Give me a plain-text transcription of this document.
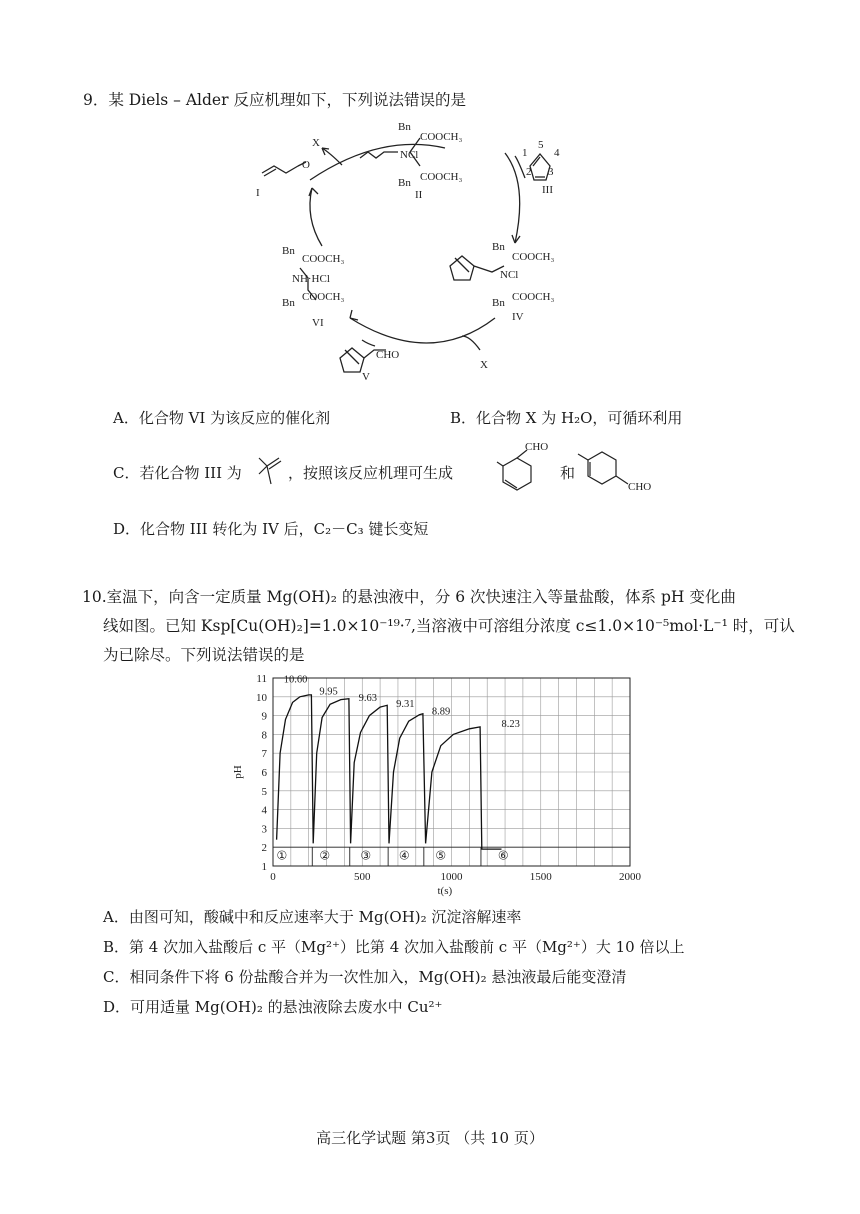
9．某 Diels – Alder 反应机理如下，下列说法错误的是
I
O
X
Bn
COOCH₃
NCl
Bn COOCH₃
II
5
1
2 3
4
III
Bn
COOCH₃
NCl
Bn COOCH₃
IV
Bn
COOCH₃
NH·HCl
Bn COOCH₃
VI
CHO
V
X
A．化合物 VI 为该反应的催化剂	B．化合物 X 为 H₂O，可循环利用
C．若化合物 III 为	，按照该反应机理可生成
CHO
和
CHO
D．化合物 III 转化为 IV 后，C₂－C₃ 键长变短
10.室温下，向含一定质量 Mg(OH)₂ 的悬浊液中，分 6 次快速注入等量盐酸，体系 pH 变化曲
线如图。已知 Ksp[Cu(OH)₂]=1.0×10⁻¹⁹·⁷,当溶液中可溶组分浓度 c≤1.0×10⁻⁵mol·L⁻¹ 时，可认
为已除尽。下列说法错误的是
1
2
3
4
5
6
7
8
9
10
11
0	500	1000	1500	2000
10.60
9.95
9.63
9.31
8.89
8.23
①	②	③ ④ ⑤	⑥
t(s)
pH
A．由图可知，酸碱中和反应速率大于 Mg(OH)₂ 沉淀溶解速率
B．第 4 次加入盐酸后 c 平（Mg²⁺）比第 4 次加入盐酸前 c 平（Mg²⁺）大 10 倍以上
C．相同条件下将 6 份盐酸合并为一次性加入，Mg(OH)₂ 悬浊液最后能变澄清
D．可用适量 Mg(OH)₂ 的悬浊液除去废水中 Cu²⁺
高三化学试题 第3页 （共 10 页）
